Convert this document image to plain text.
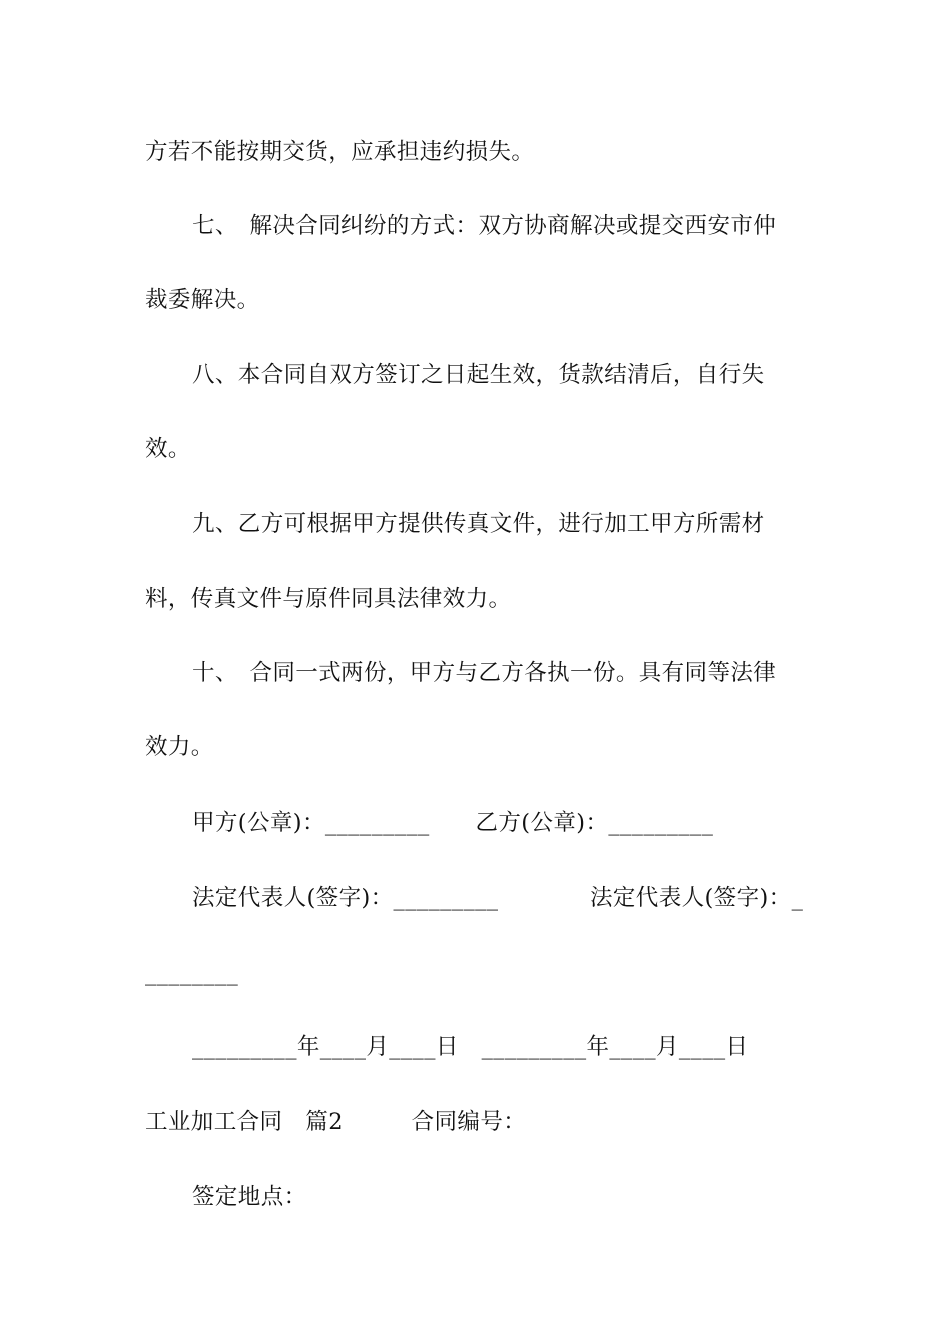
方若不能按期交货，应承担违约损失。
七、　解决合同纠纷的方式：双方协商解决或提交西安市仲
裁委解决。
八、本合同自双方签订之日起生效，货款结清后，自行失
效。
九、乙方可根据甲方提供传真文件，进行加工甲方所需材
料，传真文件与原件同具法律效力。
十、　合同一式两份，甲方与乙方各执一份。具有同等法律
效力。
甲方(公章)：_________　　乙方(公章)：_________
法定代表人(签字)：_________　　　　法定代表人(签字)：_
________
_________年____月____日　_________年____月____日
工业加工合同　篇2　　　合同编号：
签定地点：
